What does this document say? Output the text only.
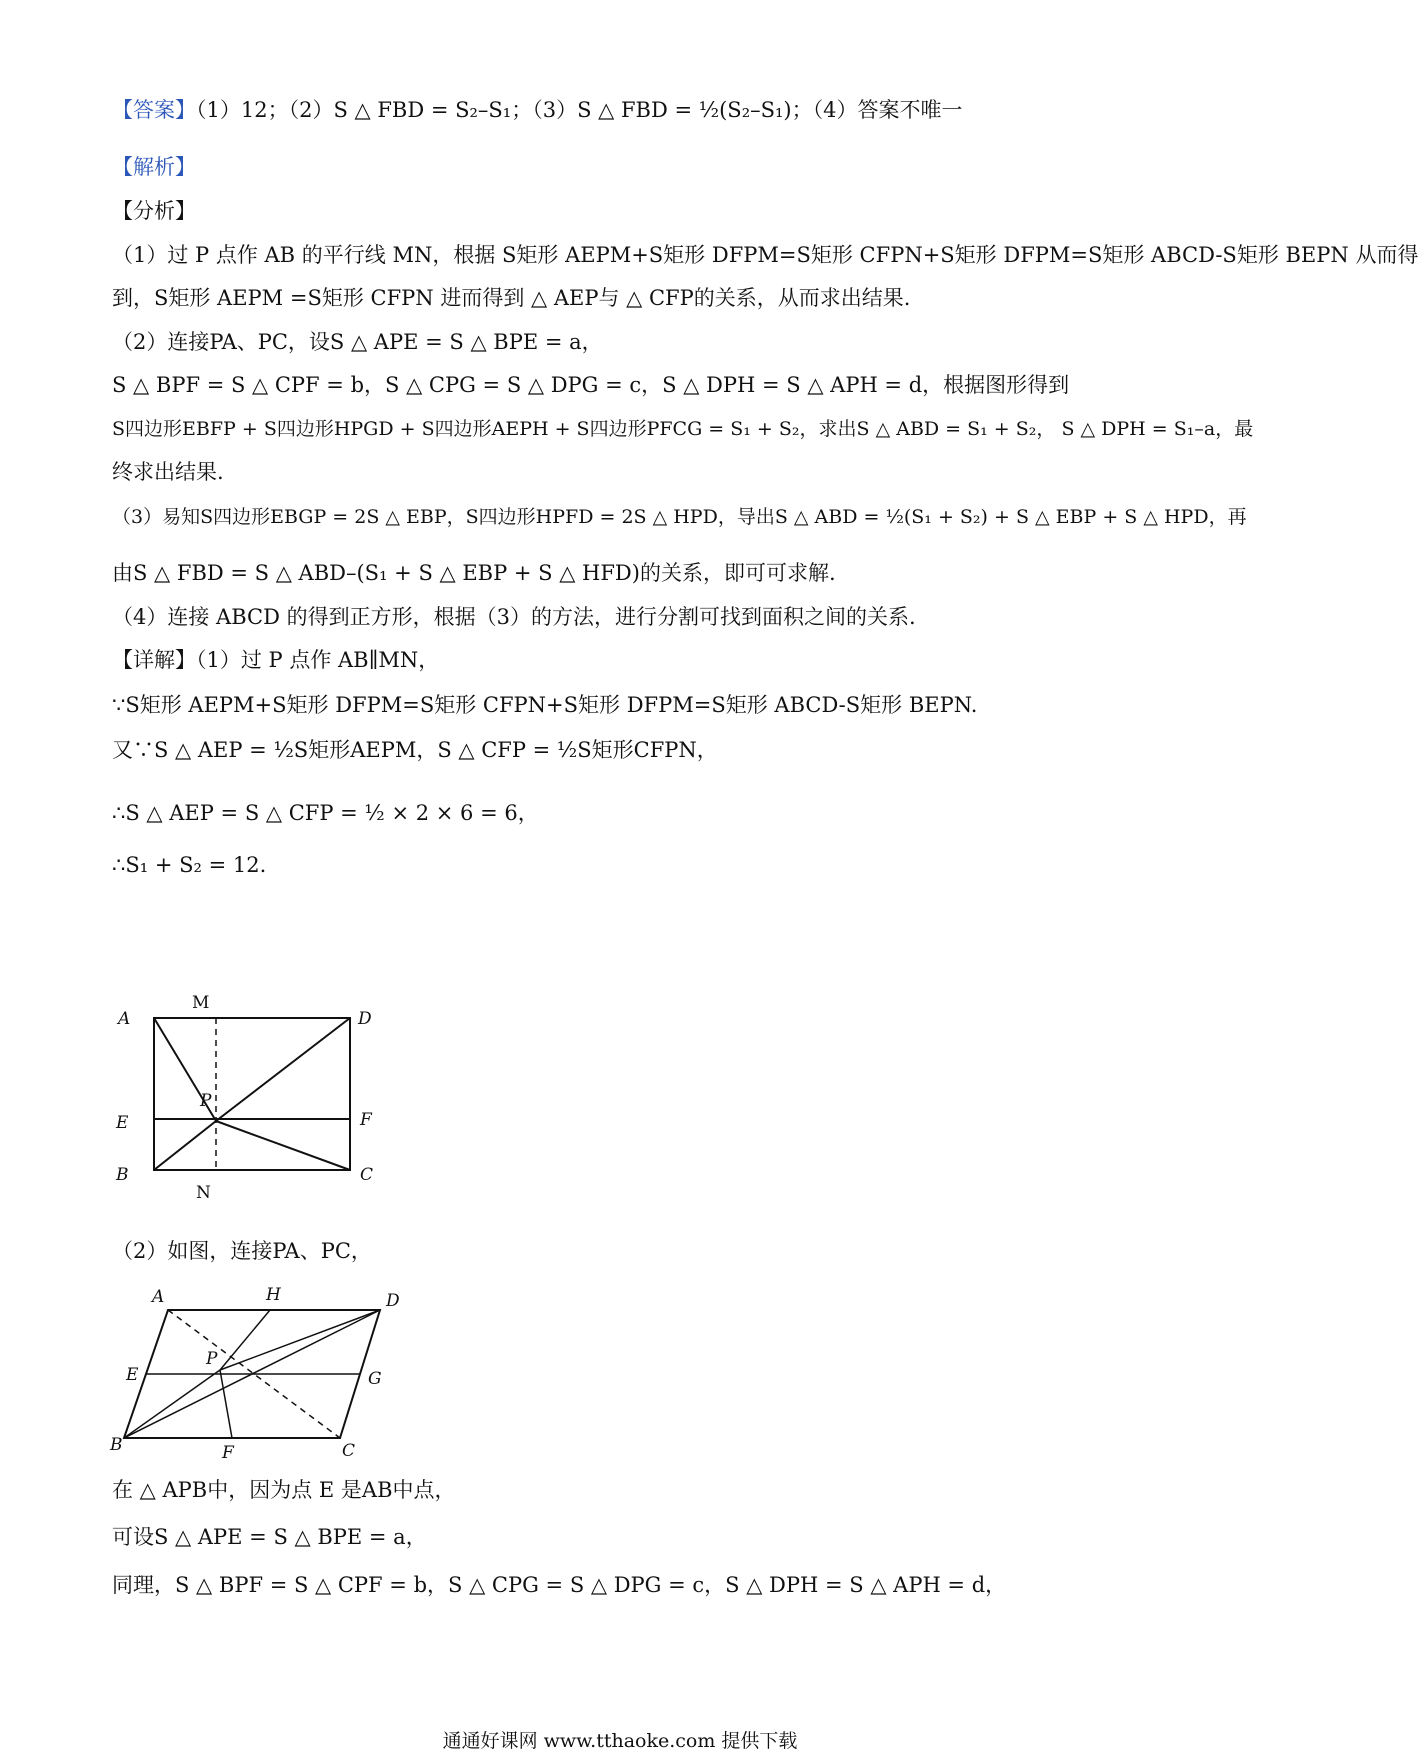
【答案】（1）12；（2）S △ FBD = S₂–S₁；（3）S △ FBD = ½(S₂–S₁)；（4）答案不唯一
【解析】
【分析】
（1）过 P 点作 AB 的平行线 MN，根据 S矩形 AEPM+S矩形 DFPM=S矩形 CFPN+S矩形 DFPM=S矩形 ABCD-S矩形 BEPN 从而得
到，S矩形 AEPM =S矩形 CFPN 进而得到 △ AEP与 △ CFP的关系，从而求出结果.
（2）连接PA、PC，设S △ APE = S △ BPE = a，
S △ BPF = S △ CPF = b，S △ CPG = S △ DPG = c，S △ DPH = S △ APH = d，根据图形得到
S四边形EBFP + S四边形HPGD + S四边形AEPH + S四边形PFCG = S₁ + S₂，求出S △ ABD = S₁ + S₂， S △ DPH = S₁–a，最
终求出结果.
（3）易知S四边形EBGP = 2S △ EBP，S四边形HPFD = 2S △ HPD，导出S △ ABD = ½(S₁ + S₂) + S △ EBP + S △ HPD，再
由S △ FBD = S △ ABD–(S₁ + S △ EBP + S △ HFD)的关系，即可可求解.
（4）连接 ABCD 的得到正方形，根据（3）的方法，进行分割可找到面积之间的关系.
【详解】（1）过 P 点作 AB∥MN，
∵S矩形 AEPM+S矩形 DFPM=S矩形 CFPN+S矩形 DFPM=S矩形 ABCD-S矩形 BEPN.
又∵S △ AEP = ½S矩形AEPM，S △ CFP = ½S矩形CFPN，
∴S △ AEP = S △ CFP = ½ × 2 × 6 = 6，
∴S₁ + S₂ = 12.
A
M
D
P
E	F
B
N
C
（2）如图，连接PA、PC，
A	H	D
P
E	G
B	F	C
在 △ APB中，因为点 E 是AB中点，
可设S △ APE = S △ BPE = a，
同理，S △ BPF = S △ CPF = b，S △ CPG = S △ DPG = c，S △ DPH = S △ APH = d，
通通好课网 www.tthaoke.com 提供下载
